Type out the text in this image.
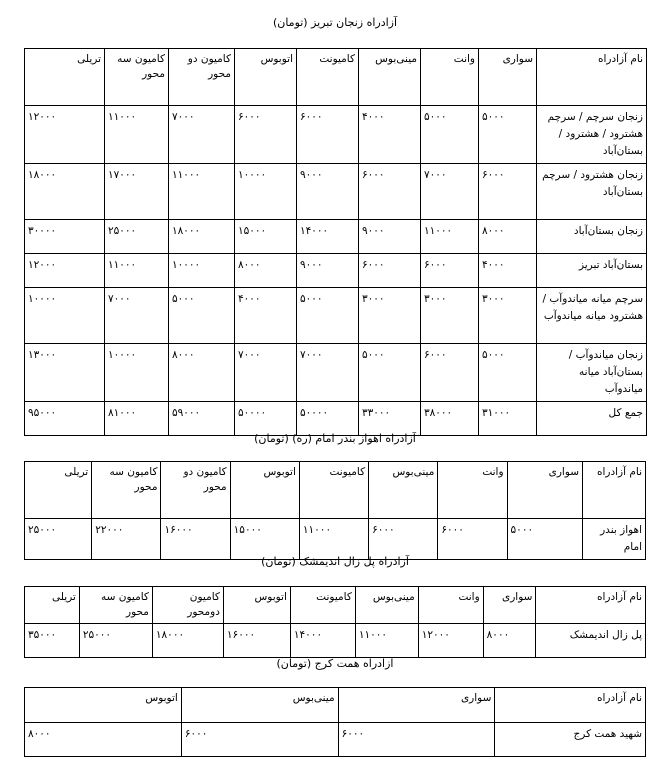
آزادراه زنجان تبریز (تومان)
نام آزادراه	سواری	وانت	مینی‌بوس	کامیونت	اتوبوس	کامیون دو محور	کامیون سه محور	تریلی
زنجان سرچم / سرچم هشترود / هشترود / بستان‌آباد	۵۰۰۰	۵۰۰۰	۴۰۰۰	۶۰۰۰	۶۰۰۰	۷۰۰۰	۱۱۰۰۰	۱۲۰۰۰
زنجان هشترود / سرچم بستان‌آباد	۶۰۰۰	۷۰۰۰	۶۰۰۰	۹۰۰۰	۱۰۰۰۰	۱۱۰۰۰	۱۷۰۰۰	۱۸۰۰۰
زنجان بستان‌آباد	۸۰۰۰	۱۱۰۰۰	۹۰۰۰	۱۴۰۰۰	۱۵۰۰۰	۱۸۰۰۰	۲۵۰۰۰	۳۰۰۰۰
بستان‌آباد تبریز	۴۰۰۰	۶۰۰۰	۶۰۰۰	۹۰۰۰	۸۰۰۰	۱۰۰۰۰	۱۱۰۰۰	۱۲۰۰۰
سرچم میانه میاندوآب / هشترود میانه میاندوآب	۳۰۰۰	۳۰۰۰	۳۰۰۰	۵۰۰۰	۴۰۰۰	۵۰۰۰	۷۰۰۰	۱۰۰۰۰
زنجان میاندوآب / بستان‌آباد میانه میاندوآب	۵۰۰۰	۶۰۰۰	۵۰۰۰	۷۰۰۰	۷۰۰۰	۸۰۰۰	۱۰۰۰۰	۱۳۰۰۰
جمع کل	۳۱۰۰۰	۳۸۰۰۰	۳۳۰۰۰	۵۰۰۰۰	۵۰۰۰۰	۵۹۰۰۰	۸۱۰۰۰	۹۵۰۰۰
آزادراه اهواز بندر امام (ره) (تومان)
نام آزادراه	سواری	وانت	مینی‌بوس	کامیونت	اتوبوس	کامیون دو محور	کامیون سه محور	تریلی
اهواز بندر امام	۵۰۰۰	۶۰۰۰	۶۰۰۰	۱۱۰۰۰	۱۵۰۰۰	۱۶۰۰۰	۲۲۰۰۰	۲۵۰۰۰
آزادراه پل زال اندیمشک (تومان)
نام آزادراه	سواری	وانت	مینی‌بوس	کامیونت	اتوبوس	کامیون دومحور	کامیون سه محور	تریلی
پل زال اندیمشک	۸۰۰۰	۱۲۰۰۰	۱۱۰۰۰	۱۴۰۰۰	۱۶۰۰۰	۱۸۰۰۰	۲۵۰۰۰	۳۵۰۰۰
آزادراه همت کرج (تومان)
نام آزادراه	سواری	مینی‌بوس	اتوبوس
شهید همت کرج	۶۰۰۰	۶۰۰۰	۸۰۰۰
